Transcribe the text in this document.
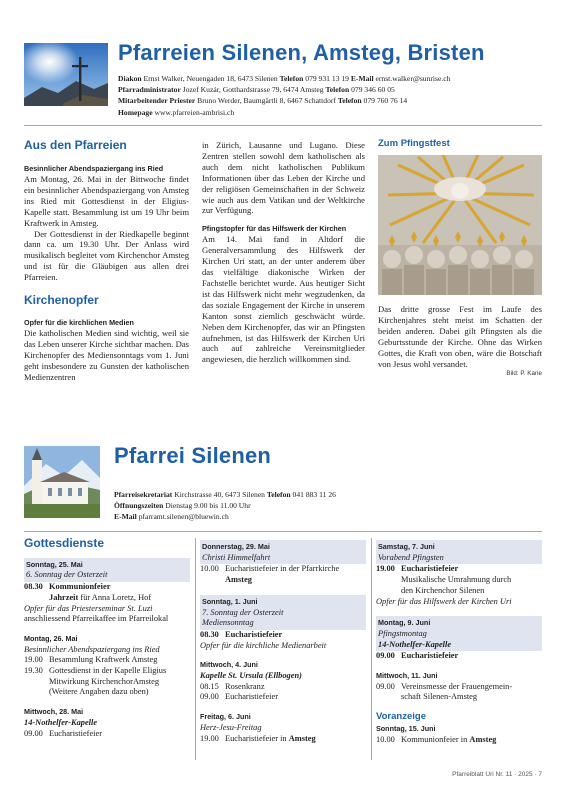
Pfarreien Silenen, Amsteg, Bristen
Diakon Ernst Walker, Neuengaden 18, 6473 Silenen Telefon 079 931 13 19 E-Mail ernst.walker@sunrise.ch
Pfarradministrator Jozef Kuzár, Gotthardstrasse 79, 6474 Amsteg Telefon 079 346 60 05
Mitarbeitender Priester Bruno Werder, Baumgärtli 8, 6467 Schattdorf Telefon 079 760 76 14
Homepage www.pfarreien-ambrisi.ch
Aus den Pfarreien
Besinnlicher Abendspaziergang ins Ried
Am Montag, 26. Mai in der Bittwoche findet ein besinnlicher Abendspaziergang von Amsteg ins Ried mit Gottesdienst in der Eligius-Kapelle statt. Besammlung ist um 19 Uhr beim Kraftwerk in Amsteg.
Der Gottesdienst in der Riedkapelle beginnt dann ca. um 19.30 Uhr. Der Anlass wird musikalisch begleitet vom Kirchenchor Amsteg und ist für die Gläubigen aus allen drei Pfarreien.
Kirchenopfer
Opfer für die kirchlichen Medien
Die katholischen Medien sind wichtig, weil sie das Leben unserer Kirche sichtbar machen. Das Kirchenopfer des Mediensonntags vom 1. Juni geht insbesondere zu Gunsten der katholischen Medienzentren
in Zürich, Lausanne und Lugano. Diese Zentren stellen sowohl dem katholischen als auch dem nicht katholischen Publikum Informationen über das Leben der Kirche und der religiösen Gemeinschaften in der Schweiz wie auch aus dem Vatikan und der Weltkirche zur Verfügung.
Pfingstopfer für das Hilfswerk der Kirchen
Am 14. Mai fand in Altdorf die Generalversammlung des Hilfswerk der Kirchen Uri statt, an der unter anderem über das vielfältige diakonische Wirken der Fachstelle berichtet wurde. Aus heutiger Sicht ist das Hilfswerk nicht mehr wegzudenken, da das soziale Engagement der Kirche in unserem Kanton sonst ziemlich geschwächt würde. Neben dem Kirchenopfer, das wir an Pfingsten aufnehmen, ist das Hilfswerk der Kirchen Uri auch auf zahlreiche Vereinsmitglieder angewiesen, die herzlich willkommen sind.
Zum Pfingstfest
Das dritte grosse Fest im Laufe des Kirchenjahres steht meist im Schatten der beiden anderen. Dabei gilt Pfingsten als die Geburtsstunde der Kirche. Ohne das Wirken Gottes, die Kraft von oben, wäre die Botschaft von Jesus wohl versandet.
Bild: P. Kane
Pfarrei Silenen
Pfarreisekretariat Kirchstrasse 40, 6473 Silenen Telefon 041 883 11 26
Öffnungszeiten Dienstag 9.00 bis 11.00 Uhr
E-Mail pfarramt.silenen@bluewin.ch
Gottesdienste
Sonntag, 25. Mai
6. Sonntag der Osterzeit
08.30 Kommunionfeier
Jahrzeit für Anna Loretz, Hof
Opfer für das Priesterseminar St. Luzi
anschliessend Pfarreikaffee im Pfarreilokal
Montag, 26. Mai
Besinnlicher Abendspaziergang ins Ried
19.00 Besammlung Kraftwerk Amsteg
19.30 Gottesdienst in der Kapelle Eligius
Mitwirkung KirchenchorAmsteg
(Weitere Angaben dazu oben)
Mittwoch, 28. Mai
14-Nothelfer-Kapelle
09.00 Eucharistiefeier
Donnerstag, 29. Mai
Christi Himmelfahrt
10.00 Eucharistiefeier in der Pfarrkirche
Amsteg
Sonntag, 1. Juni
7. Sonntag der Osterzeit
Mediensonntag
08.30 Eucharistiefeier
Opfer für die kirchliche Medienarbeit
Mittwoch, 4. Juni
Kapelle St. Ursula (Ellbogen)
08.15 Rosenkranz
09.00 Eucharistiefeier
Freitag, 6. Juni
Herz-Jesu-Freitag
19.00 Eucharistiefeier in Amsteg
Samstag, 7. Juni
Vorabend Pfingsten
19.00 Eucharistiefeier
Musikalische Umrahmung durch
den Kirchenchor Silenen
Opfer für das Hilfswerk der Kirchen Uri
Montag, 9. Juni
Pfingstmontag
14-Nothelfer-Kapelle
09.00 Eucharistiefeier
Mittwoch, 11. Juni
09.00 Vereinsmesse der Frauengemein-
schaft Silenen-Amsteg
Voranzeige
Sonntag, 15. Juni
10.00 Kommunionfeier in Amsteg
Pfarreiblatt Uri Nr. 11 · 2025 · 7
